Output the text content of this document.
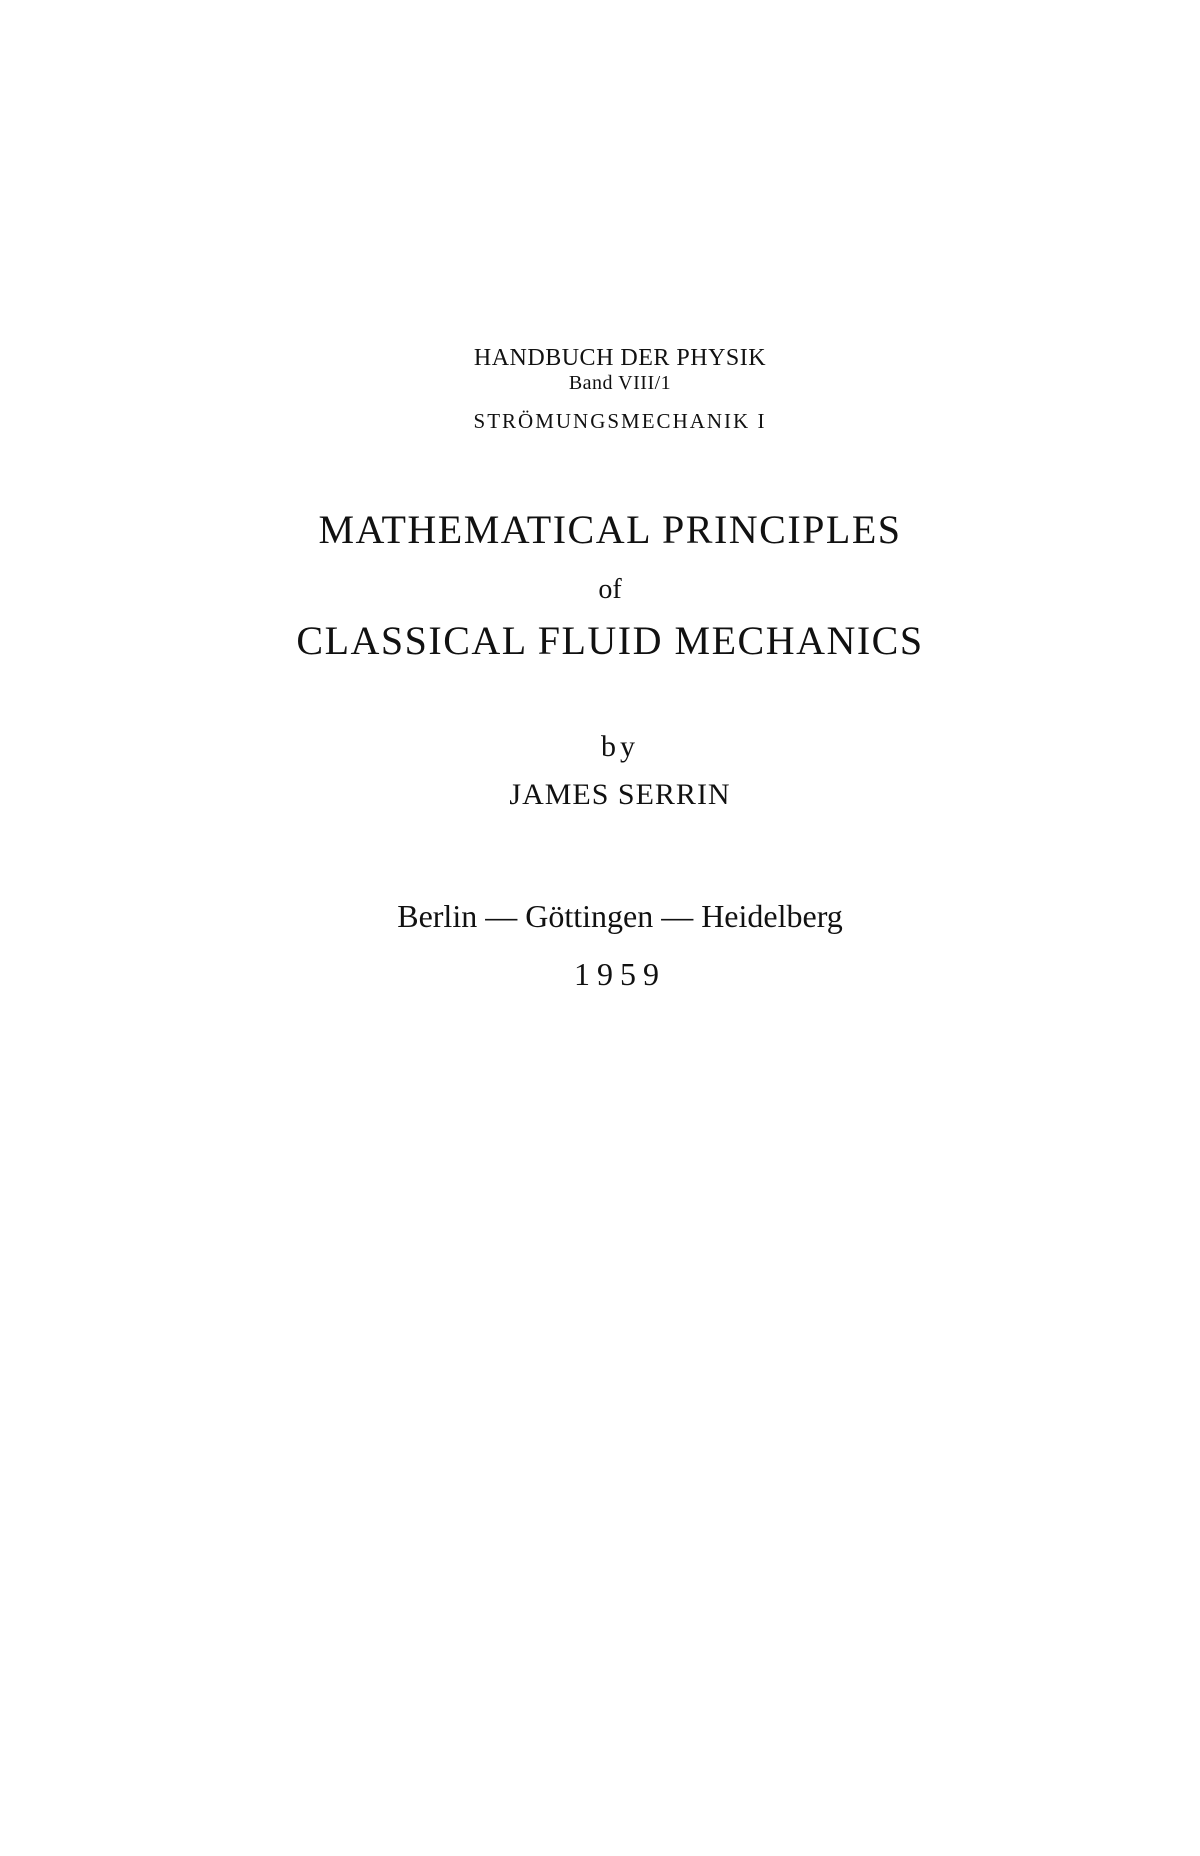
HANDBUCH DER PHYSIK
Band VIII/1
STRÖMUNGSMECHANIK I
MATHEMATICAL PRINCIPLES
of
CLASSICAL FLUID MECHANICS
by
JAMES SERRIN
Berlin — Göttingen — Heidelberg
1959
